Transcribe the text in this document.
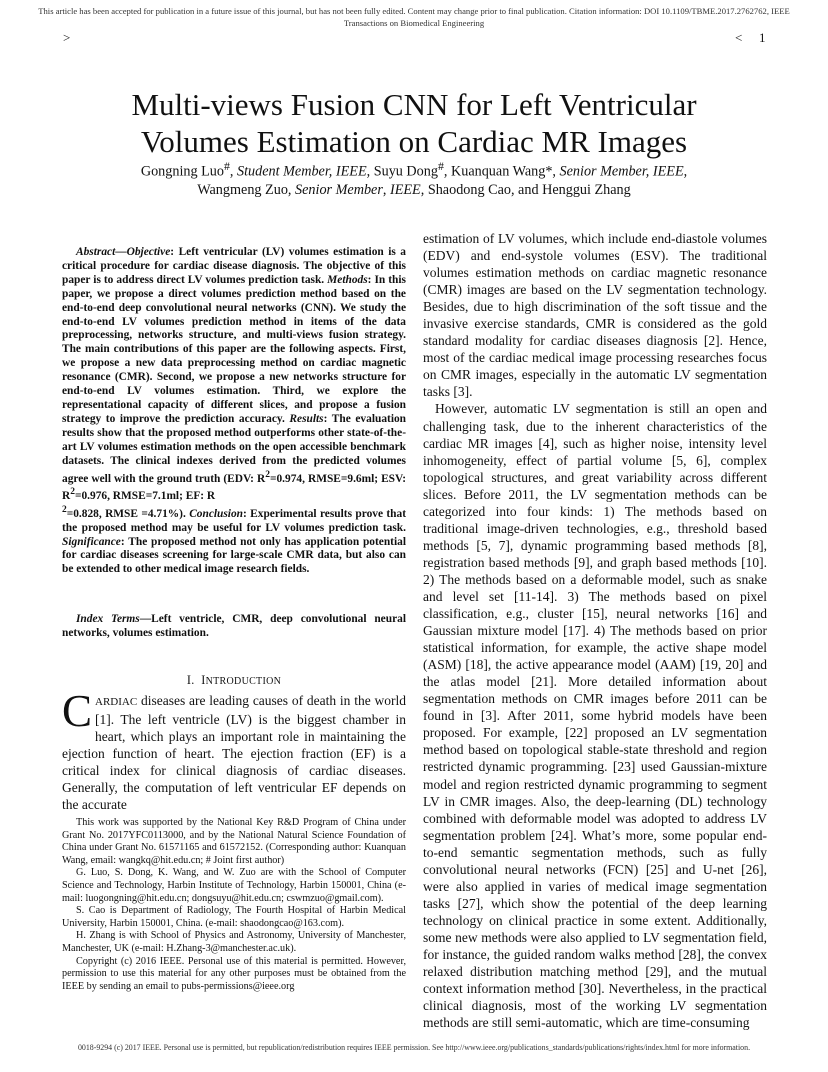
This article has been accepted for publication in a future issue of this journal, but has not been fully edited. Content may change prior to final publication. Citation information: DOI 10.1109/TBME.2017.2762762, IEEE
Transactions on Biomedical Engineering
>	< 1
Multi-views Fusion CNN for Left Ventricular
Volumes Estimation on Cardiac MR Images
Gongning Luo#, Student Member, IEEE, Suyu Dong#, Kuanquan Wang*, Senior Member, IEEE,
Wangmeng Zuo, Senior Member, IEEE, Shaodong Cao, and Henggui Zhang
Abstract—Objective: Left ventricular (LV) volumes estimation is a critical procedure for cardiac disease diagnosis. The objective of this paper is to address direct LV volumes prediction task. Methods: In this paper, we propose a direct volumes prediction method based on the end-to-end deep convolutional neural networks (CNN). We study the end-to-end LV volumes prediction method in items of the data preprocessing, networks structure, and multi-views fusion strategy. The main contributions of this paper are the following aspects. First, we propose a new data preprocessing method on cardiac magnetic resonance (CMR). Second, we propose a new networks structure for end-to-end LV volumes estimation. Third, we explore the representational capacity of different slices, and propose a fusion strategy to improve the prediction accuracy. Results: The evaluation results show that the proposed method outperforms other state-of-the-art LV volumes estimation methods on the open accessible benchmark datasets. The clinical indexes derived from the predicted volumes agree well with the ground truth (EDV: $R^2=0.974$, RMSE=9.6ml; ESV: $R^2=0.976$, RMSE=7.1ml; EF: R
$^2$=0.828, RMSE =4.71%). Conclusion: Experimental results prove that the proposed method may be useful for LV volumes prediction task. Significance: The proposed method not only has application potential for cardiac diseases screening for large-scale CMR data, but also can be extended to other medical image research fields.
Index Terms—Left ventricle, CMR, deep convolutional neural networks, volumes estimation.
I. INTRODUCTION
CARDIAC diseases are leading causes of death in the world [1]. The left ventricle (LV) is the biggest chamber in heart, which plays an important role in maintaining the ejection function of heart. The ejection fraction (EF) is a critical index for clinical diagnosis of cardiac diseases. Generally, the computation of left ventricular EF depends on the accurate

This work was supported by the National Key R&D Program of China under Grant No. 2017YFC0113000, and by the National Natural Science Foundation of China under Grant No. 61571165 and 61572152. (Corresponding author: Kuanquan Wang, email: wangkq@hit.edu.cn; # Joint first author)

G. Luo, S. Dong, K. Wang, and W. Zuo are with the School of Computer Science and Technology, Harbin Institute of Technology, Harbin 150001, China (e-mail: luogongning@hit.edu.cn; dongsuyu@hit.edu.cn; cswmzuo@gmail.com).

S. Cao is Department of Radiology, The Fourth Hospital of Harbin Medical University, Harbin 150001, China. (e-mail: shaodongcao@163.com).

H. Zhang is with School of Physics and Astronomy, University of Manchester, Manchester, UK (e-mail: H.Zhang-3@manchester.ac.uk).

Copyright (c) 2016 IEEE. Personal use of this material is permitted. However, permission to use this material for any other purposes must be obtained from the IEEE by sending an email to pubs-permissions@ieee.org

estimation of LV volumes, which include end-diastole volumes (EDV) and end-systole volumes (ESV). The traditional volumes estimation methods on cardiac magnetic resonance (CMR) images are based on the LV segmentation technology. Besides, due to high discrimination of the soft tissue and the invasive exercise standards, CMR is considered as the gold standard modality for cardiac diseases diagnosis [2]. Hence, most of the cardiac medical image processing researches focus on CMR images, especially in the automatic LV segmentation tasks [3].

However, automatic LV segmentation is still an open and challenging task, due to the inherent characteristics of the cardiac MR images [4], such as higher noise, intensity level inhomogeneity, effect of partial volume [5, 6], complex topological structures, and great variability across different slices. Before 2011, the LV segmentation methods can be categorized into four kinds: 1) The methods based on traditional image-driven technologies, e.g., threshold based methods [5, 7], dynamic programming based methods [8], registration based methods [9], and graph based methods [10]. 2) The methods based on a deformable model, such as snake and level set [11-14]. 3) The methods based on pixel classification, e.g., cluster [15], neural networks [16] and Gaussian mixture model [17]. 4) The methods based on prior statistical information, for example, the active shape model (ASM) [18], the active appearance model (AAM) [19, 20] and the atlas model [21]. More detailed information about segmentation methods on CMR images before 2011 can be found in [3]. After 2011, some hybrid models have been proposed. For example, [22] proposed an LV segmentation method based on topological stable-state threshold and region restricted dynamic programming. [23] used Gaussian-mixture model and region restricted dynamic programming to segment LV in CMR images. Also, the deep-learning (DL) technology combined with deformable model was adopted to address LV segmentation problem [24]. What’s more, some popular end-to-end semantic segmentation methods, such as fully convolutional neural networks (FCN) [25] and U-net [26], were also applied in varies of medical image segmentation tasks [27], which show the potential of the deep learning technology on clinical practice in some extent. Additionally, some new methods were also applied to LV segmentation field, for instance, the guided random walks method [28], the convex relaxed distribution matching method [29], and the mutual context information method [30]. Nevertheless, in the practical clinical diagnosis, most of the working LV segmentation methods are still semi-automatic, which are time-consuming

0018-9294 (c) 2017 IEEE. Personal use is permitted, but republication/redistribution requires IEEE permission. See http://www.ieee.org/publications_standards/publications/rights/index.html for more information.
